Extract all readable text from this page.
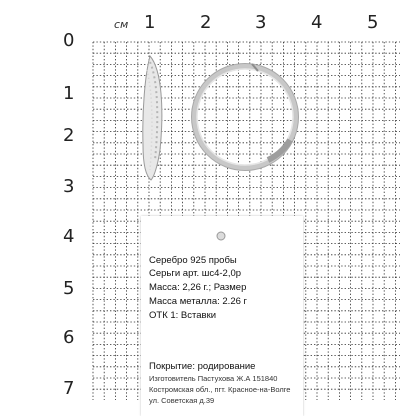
см 1 2 3 4 5
0
1
2
3
4
5
6
7
Серебро 925 пробы
Серьги арт. шс4-2,0р
Масса: 2,26 г.; Размер
Масса металла: 2.26 г
ОТК 1: Вставки
Покрытие: родирование
Изготовитель Пастухова Ж.А 151840
Костромская обл., пгт. Красное-на-Волге
ул. Советская д.39
